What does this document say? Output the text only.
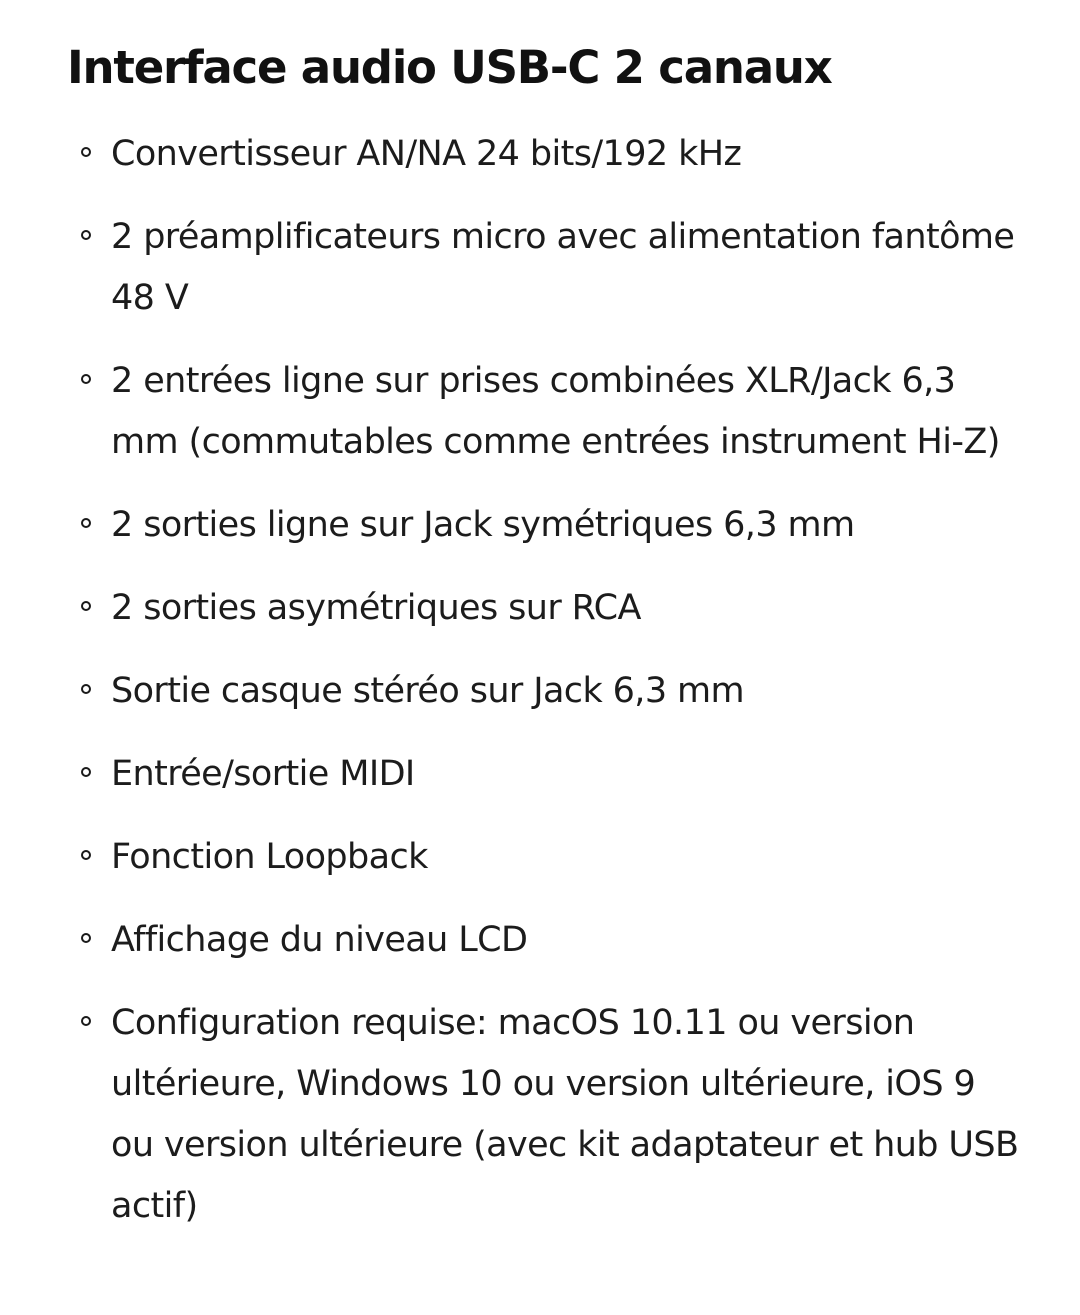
Interface audio USB-C 2 canaux
Convertisseur AN/NA 24 bits/192 kHz
2 préamplificateurs micro avec alimentation fantôme 48 V
2 entrées ligne sur prises combinées XLR/Jack 6,3 mm (commutables comme entrées instrument Hi-Z)
2 sorties ligne sur Jack symétriques 6,3 mm
2 sorties asymétriques sur RCA
Sortie casque stéréo sur Jack 6,3 mm
Entrée/sortie MIDI
Fonction Loopback
Affichage du niveau LCD
Configuration requise: macOS 10.11 ou version ultérieure, Windows 10 ou version ultérieure, iOS 9 ou version ultérieure (avec kit adaptateur et hub USB actif)
